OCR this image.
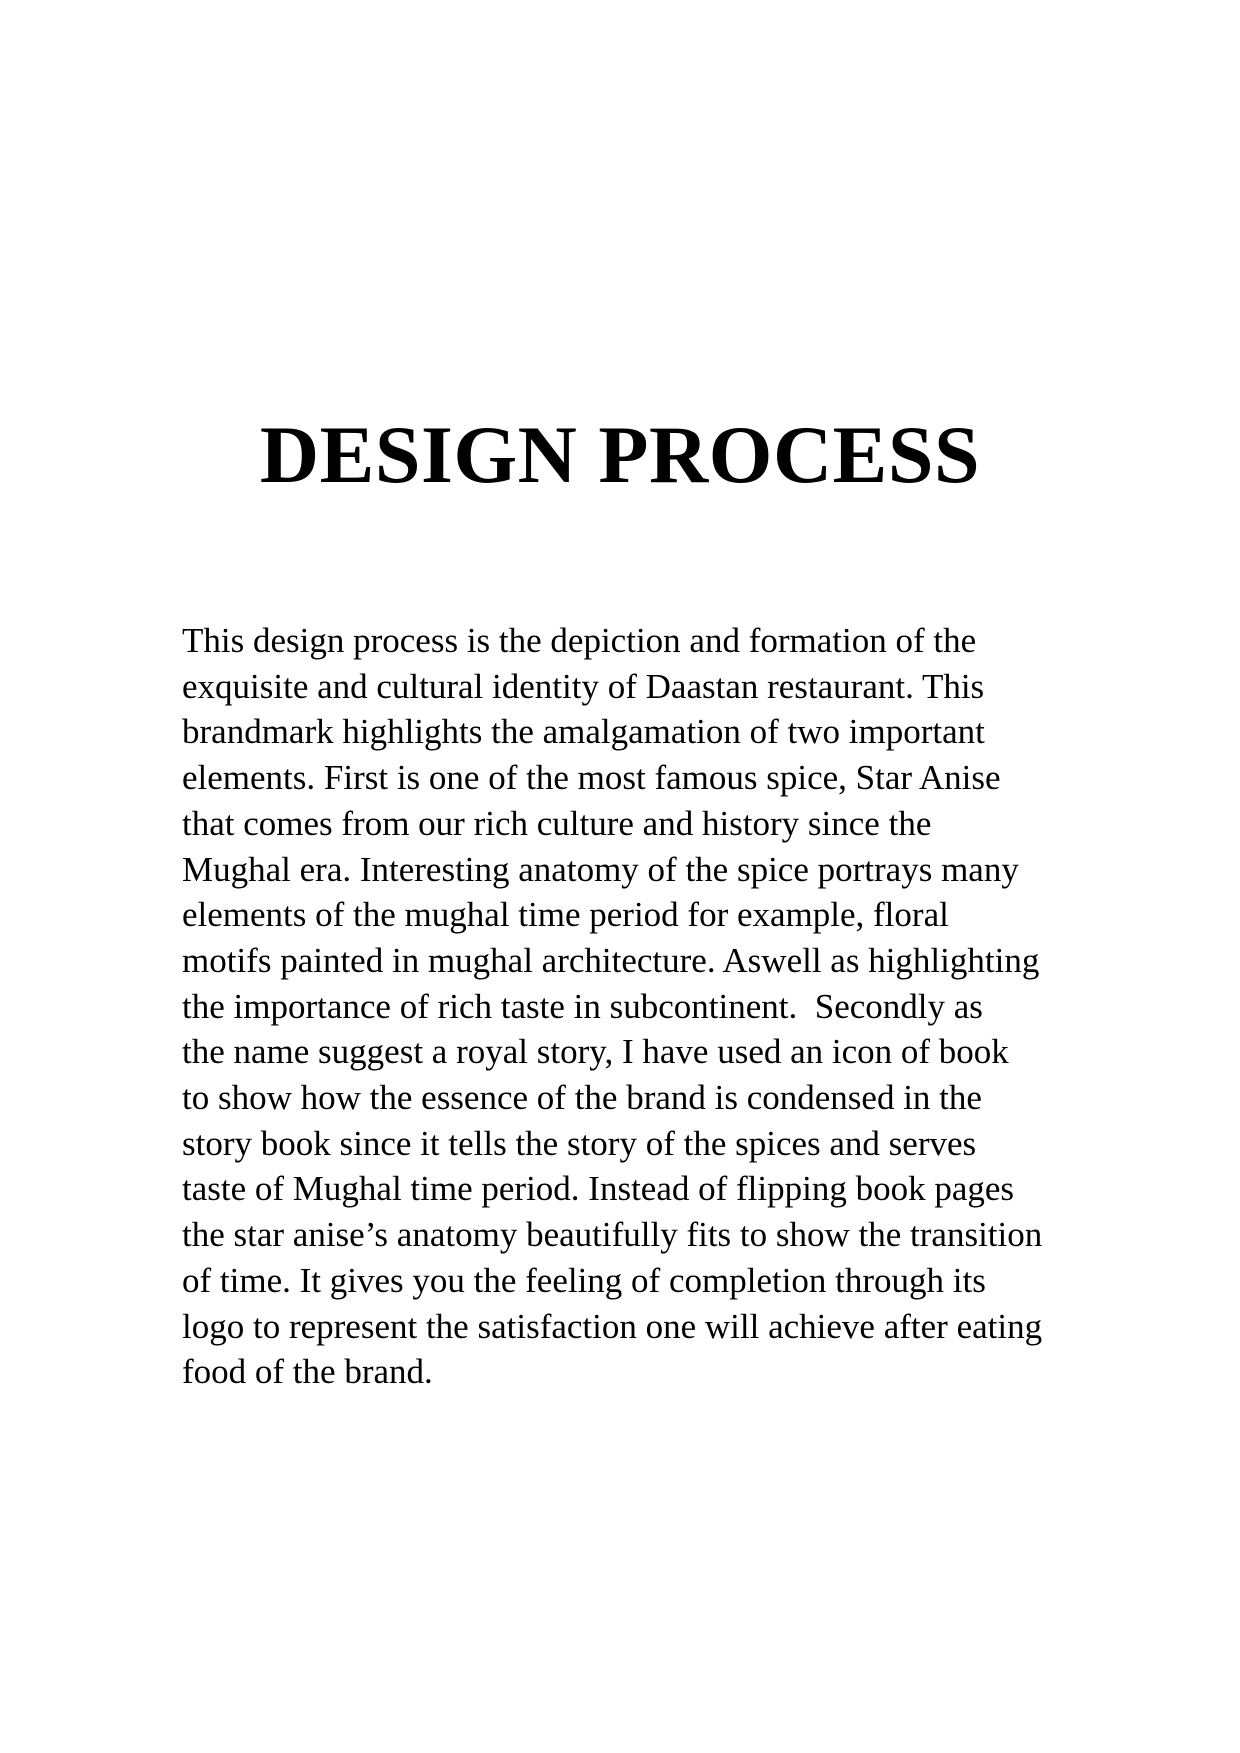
DESIGN PROCESS
This design process is the depiction and formation of the
exquisite and cultural identity of Daastan restaurant. This
brandmark highlights the amalgamation of two important
elements. First is one of the most famous spice, Star Anise
that comes from our rich culture and history since the
Mughal era. Interesting anatomy of the spice portrays many
elements of the mughal time period for example, floral
motifs painted in mughal architecture. Aswell as highlighting
the importance of rich taste in subcontinent.  Secondly as
the name suggest a royal story, I have used an icon of book
to show how the essence of the brand is condensed in the
story book since it tells the story of the spices and serves
taste of Mughal time period. Instead of flipping book pages
the star anise’s anatomy beautifully fits to show the transition
of time. It gives you the feeling of completion through its
logo to represent the satisfaction one will achieve after eating
food of the brand.
